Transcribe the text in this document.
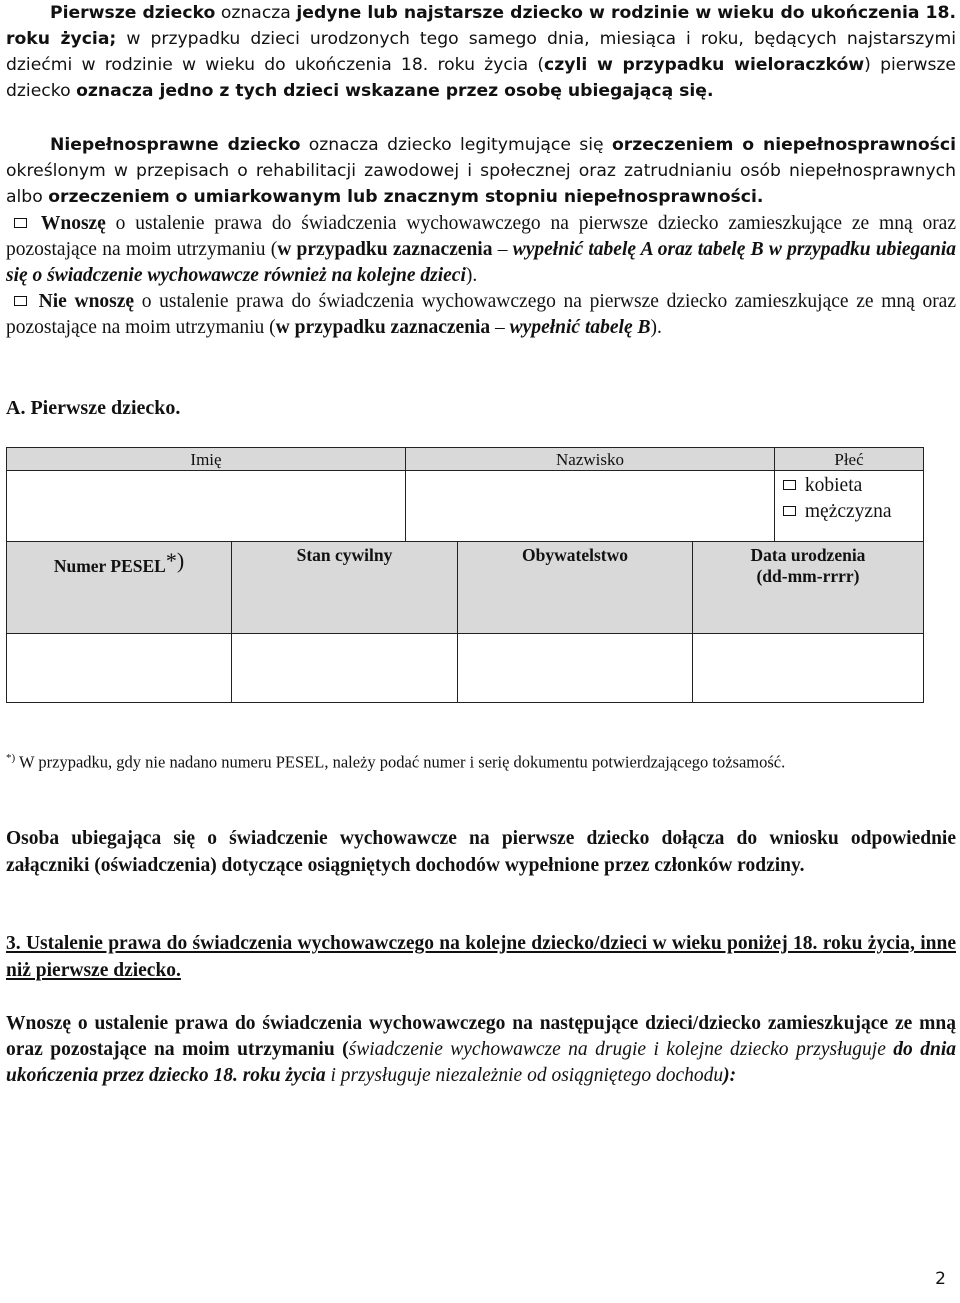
Pierwsze dziecko oznacza jedyne lub najstarsze dziecko w rodzinie w wieku do ukończenia 18. roku życia; w przypadku dzieci urodzonych tego samego dnia, miesiąca i roku, będących najstarszymi dziećmi w rodzinie w wieku do ukończenia 18. roku życia (czyli w przypadku wieloraczków) pierwsze dziecko oznacza jedno z tych dzieci wskazane przez osobę ubiegającą się.
Niepełnosprawne dziecko oznacza dziecko legitymujące się orzeczeniem o niepełnosprawności określonym w przepisach o rehabilitacji zawodowej i społecznej oraz zatrudnianiu osób niepełnosprawnych albo orzeczeniem o umiarkowanym lub znacznym stopniu niepełnosprawności.
Wnoszę o ustalenie prawa do świadczenia wychowawczego na pierwsze dziecko zamieszkujące ze mną oraz pozostające na moim utrzymaniu (w przypadku zaznaczenia – wypełnić tabelę A oraz tabelę B w przypadku ubiegania się o świadczenie wychowawcze również na kolejne dzieci).
Nie wnoszę o ustalenie prawa do świadczenia wychowawczego na pierwsze dziecko zamieszkujące ze mną oraz pozostające na moim utrzymaniu (w przypadku zaznaczenia – wypełnić tabelę B).
A. Pierwsze dziecko.
Imię	Nazwisko	Płeć
kobieta
mężczyzna
Numer PESEL*)	Stan cywilny	Obywatelstwo	Data urodzenia
(dd-mm-rrrr)
*) W przypadku, gdy nie nadano numeru PESEL, należy podać numer i serię dokumentu potwierdzającego tożsamość.
Osoba ubiegająca się o świadczenie wychowawcze na pierwsze dziecko dołącza do wniosku odpowiednie załączniki (oświadczenia) dotyczące osiągniętych dochodów wypełnione przez członków rodziny.
3. Ustalenie prawa do świadczenia wychowawczego na kolejne dziecko/dzieci w wieku poniżej 18. roku życia, inne niż pierwsze dziecko.
Wnoszę o ustalenie prawa do świadczenia wychowawczego na następujące dzieci/dziecko zamieszkujące ze mną oraz pozostające na moim utrzymaniu (świadczenie wychowawcze na drugie i kolejne dziecko przysługuje do dnia ukończenia przez dziecko 18. roku życia i przysługuje niezależnie od osiągniętego dochodu):
2
